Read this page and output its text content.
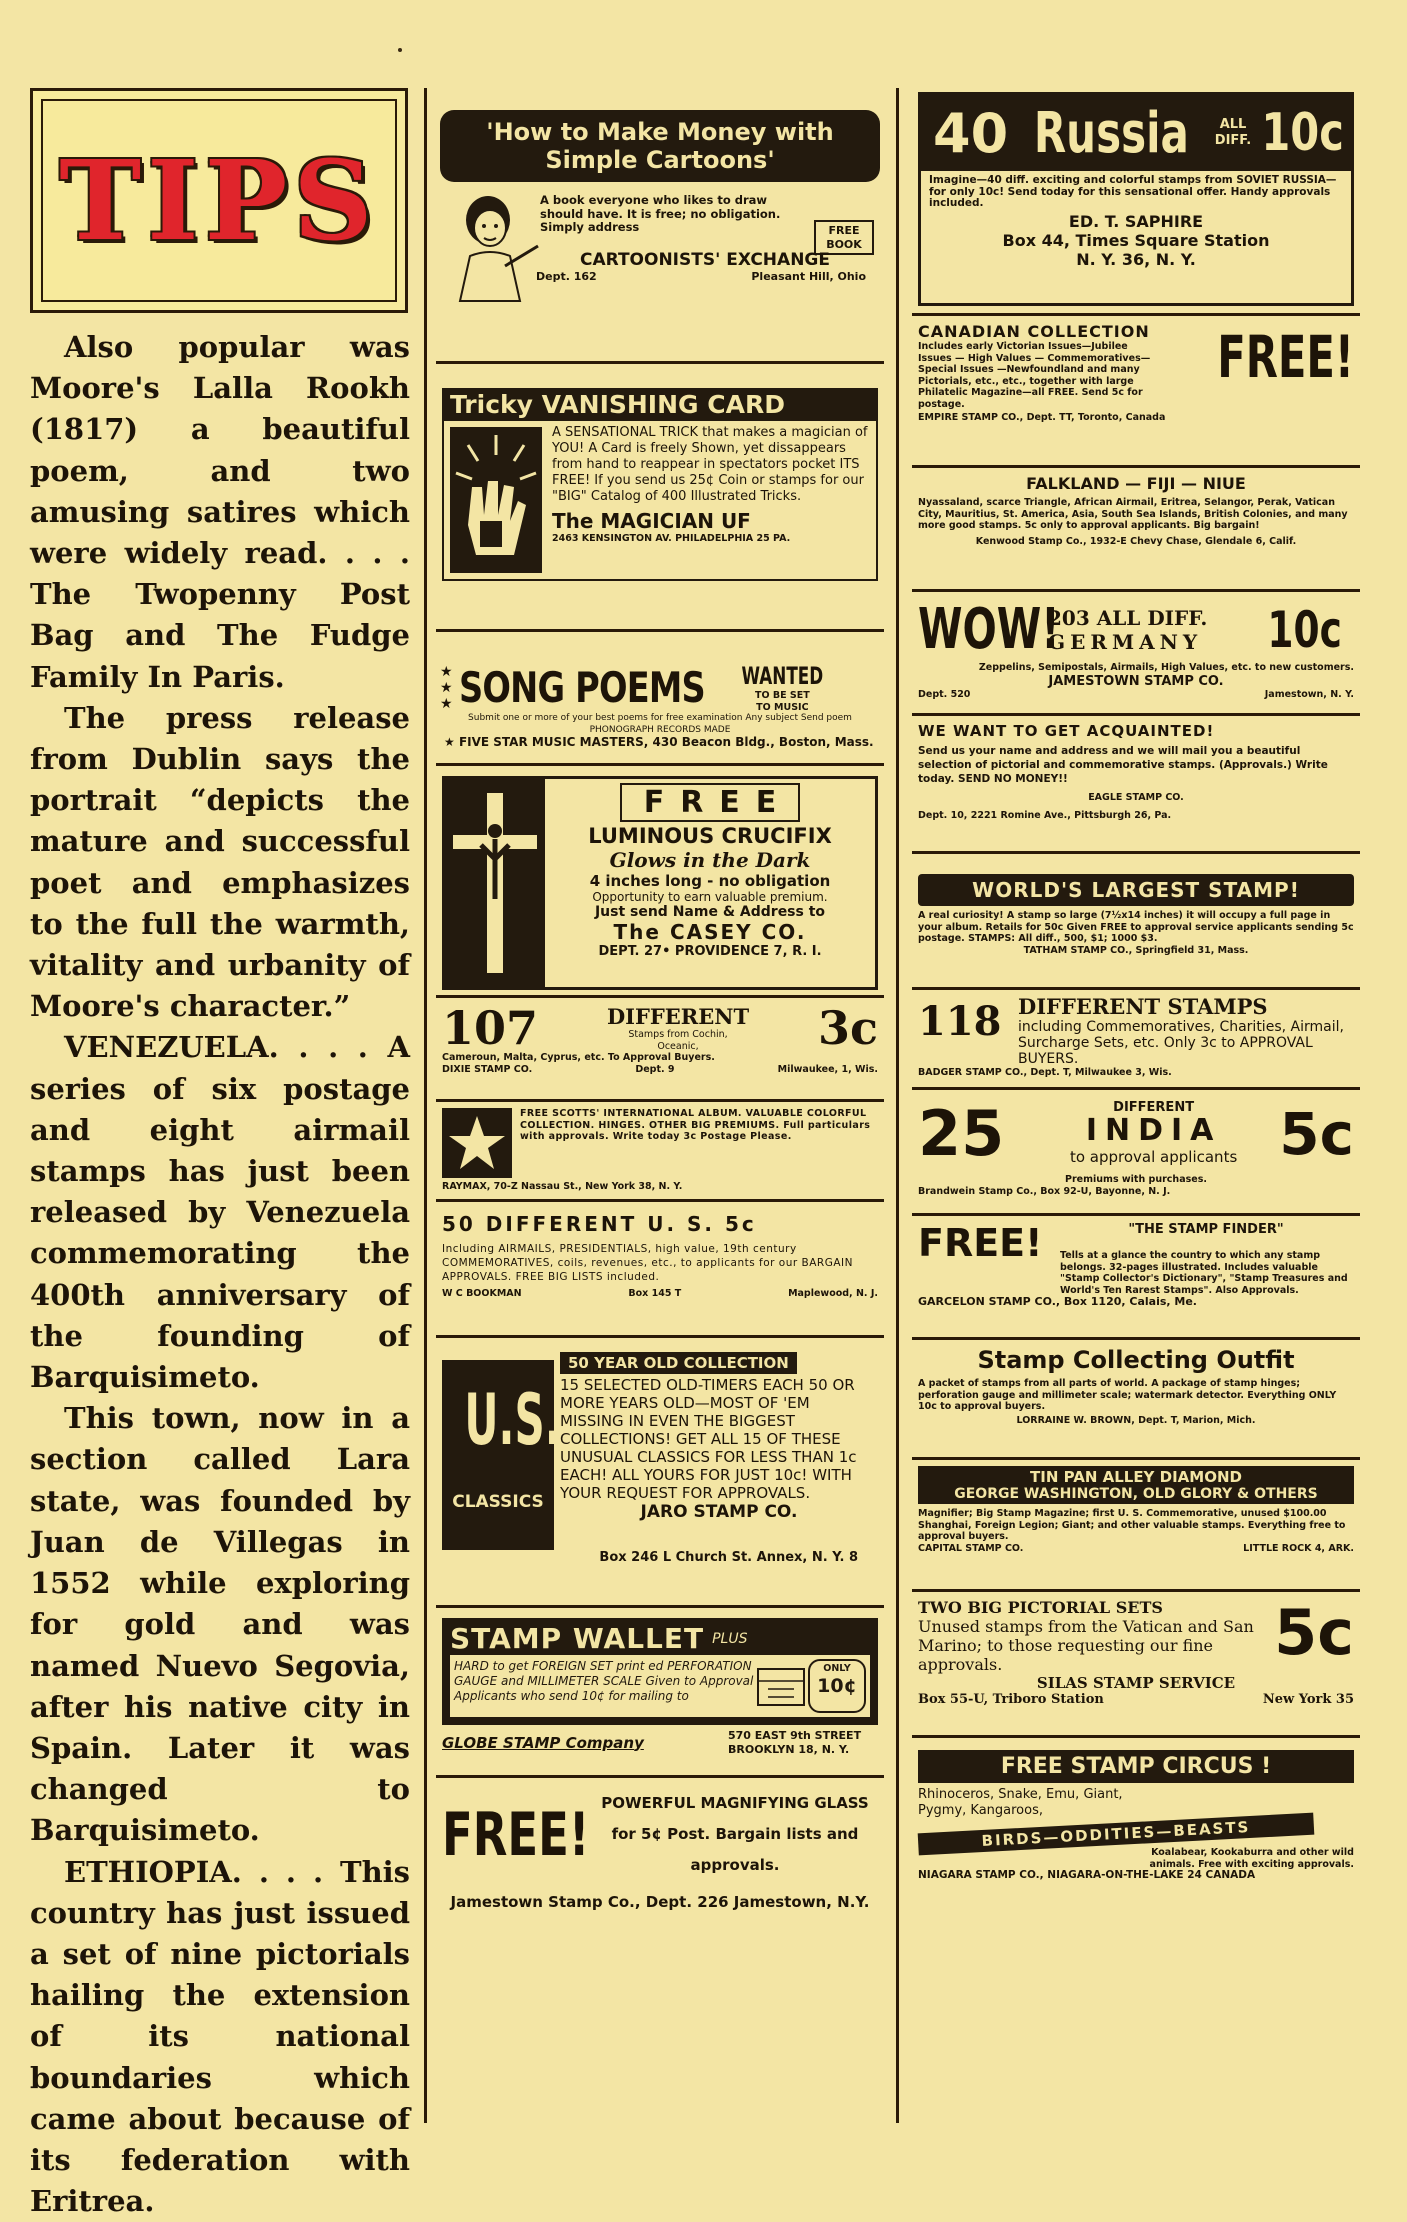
TIPS

Also popular was Moore's Lalla Rookh (1817) a beautiful poem, and two amusing satires which were widely read. . . . The Twopenny Post Bag and The Fudge Family In Paris.

The press release from Dublin says the portrait “depicts the mature and successful poet and emphasizes to the full the warmth, vitality and urbanity of Moore's character.”

VENEZUELA. . . . A series of six postage and eight airmail stamps has just been released by Venezuela commemorating the 400th anniversary of the founding of Barquisimeto.

This town, now in a section called Lara state, was founded by Juan de Villegas in 1552 while exploring for gold and was named Nuevo Segovia, after his native city in Spain. Later it was changed to Barquisimeto.

ETHIOPIA. . . . This country has just issued a set of nine pictorials hailing the extension of its national boundaries which came about because of its federation with Eritrea.

'How to Make Money with Simple Cartoons'
A book everyone who likes to draw should have. It is free; no obligation. Simply address	FREE BOOK
CARTOONISTS' EXCHANGE
Dept. 162	Pleasant Hill, Ohio
Tricky VANISHING CARD
A SENSATIONAL TRICK that makes a magician of YOU! A Card is freely Shown, yet dissappears from hand to reappear in spectators pocket ITS FREE! If you send us 25¢ Coin or stamps for our "BIG" Catalog of 400 Illustrated Tricks.
The MAGICIAN UF
2463 KENSINGTON AV. PHILADELPHIA 25 PA.
★
★
★ SONG POEMS WANTED
TO BE SET TO MUSIC
Submit one or more of your best poems for free examination Any subject Send poem PHONOGRAPH RECORDS MADE
★ FIVE STAR MUSIC MASTERS, 430 Beacon Bldg., Boston, Mass.
FREE
LUMINOUS CRUCIFIX
Glows in the Dark
4 inches long - no obligation
Opportunity to earn valuable premium.
Just send Name & Address to
The CASEY CO.
DEPT. 27• PROVIDENCE 7, R. I.
107	DIFFERENT
Stamps from Cochin, Oceanic,	3c
Cameroun, Malta, Cyprus, etc. To Approval Buyers.
DIXIE STAMP CO.	Dept. 9	Milwaukee, 1, Wis.
FREE SCOTTS' INTERNATIONAL ALBUM. VALUABLE COLORFUL COLLECTION. HINGES. OTHER BIG PREMIUMS. Full particulars with approvals. Write today 3c Postage Please.
RAYMAX, 70-Z Nassau St., New York 38, N. Y.
50 DIFFERENT U. S. 5c
Including AIRMAILS, PRESIDENTIALS, high value, 19th century COMMEMORATIVES, coils, revenues, etc., to applicants for our BARGAIN APPROVALS. FREE BIG LISTS included.
W C BOOKMAN	Box 145 T	Maplewood, N. J.
U.S.
CLASSICS
50 YEAR OLD COLLECTION
15 SELECTED OLD-TIMERS EACH 50 OR MORE YEARS OLD—MOST OF 'EM MISSING IN EVEN THE BIGGEST COLLECTIONS! GET ALL 15 OF THESE UNUSUAL CLASSICS FOR LESS THAN 1c EACH! ALL YOURS FOR JUST 10c! WITH YOUR REQUEST FOR APPROVALS.
JARO STAMP CO.
Box 246 L Church St. Annex, N. Y. 8
STAMP WALLET PLUS
HARD to get FOREIGN SET print ed PERFORATION GAUGE and MILLIMETER SCALE Given to Approval Applicants who send 10¢ for mailing to
ONLY
10¢
GLOBE STAMP Company	570 EAST 9th STREET BROOKLYN 18, N. Y.
FREE! POWERFUL MAGNIFYING GLASS for 5¢ Post. Bargain lists and approvals.
Jamestown Stamp Co., Dept. 226 Jamestown, N.Y.
40 Russia	ALL
DIFF. 10c
Imagine—40 diff. exciting and colorful stamps from SOVIET RUSSIA—for only 10c! Send today for this sensational offer. Handy approvals included.
ED. T. SAPHIRE
Box 44, Times Square Station
N. Y. 36, N. Y.
CANADIAN COLLECTION
Includes early Victorian Issues—Jubilee Issues — High Values — Commemoratives—Special Issues —Newfoundland and many Pictorials, etc., etc., together with large Philatelic Magazine—all FREE. Send 5c for postage.
FREE!
EMPIRE STAMP CO., Dept. TT, Toronto, Canada
FALKLAND — FIJI — NIUE
Nyassaland, scarce Triangle, African Airmail, Eritrea, Selangor, Perak, Vatican City, Mauritius, St. America, Asia, South Sea Islands, British Colonies, and many more good stamps. 5c only to approval applicants. Big bargain!
Kenwood Stamp Co., 1932-E Chevy Chase, Glendale 6, Calif.
WOW!
203 ALL DIFF.
GERMANY	10c
Zeppelins, Semipostals, Airmails, High Values, etc. to new customers.
JAMESTOWN STAMP CO.
Dept. 520	Jamestown, N. Y.
WE WANT TO GET ACQUAINTED!
Send us your name and address and we will mail you a beautiful selection of pictorial and commemorative stamps. (Approvals.) Write today. SEND NO MONEY!!
EAGLE STAMP CO.
Dept. 10, 2221 Romine Ave., Pittsburgh 26, Pa.
WORLD'S LARGEST STAMP!
A real curiosity! A stamp so large (7½x14 inches) it will occupy a full page in your album. Retails for 50c Given FREE to approval service applicants sending 5c postage. STAMPS: All diff., 500, $1; 1000 $3.
TATHAM STAMP CO., Springfield 31, Mass.
118 DIFFERENT STAMPS
including Commemoratives, Charities, Airmail, Surcharge Sets, etc. Only 3c to APPROVAL BUYERS.
BADGER STAMP CO., Dept. T, Milwaukee 3, Wis.
25	DIFFERENT
INDIA
to approval applicants 5c
Premiums with purchases.
Brandwein Stamp Co., Box 92-U, Bayonne, N. J.
FREE!	"THE STAMP FINDER"
Tells at a glance the country to which any stamp belongs. 32-pages illustrated. Includes valuable "Stamp Collector's Dictionary", "Stamp Treasures and World's Ten Rarest Stamps". Also Approvals.
GARCELON STAMP CO., Box 1120, Calais, Me.
Stamp Collecting Outfit
A packet of stamps from all parts of world. A package of stamp hinges; perforation gauge and millimeter scale; watermark detector. Everything ONLY 10c to approval buyers.
LORRAINE W. BROWN, Dept. T, Marion, Mich.
TIN PAN ALLEY DIAMOND
GEORGE WASHINGTON, OLD GLORY & OTHERS
Magnifier; Big Stamp Magazine; first U. S. Commemorative, unused $100.00 Shanghai, Foreign Legion; Giant; and other valuable stamps. Everything free to approval buyers.
CAPITAL STAMP CO.	LITTLE ROCK 4, ARK.
TWO BIG PICTORIAL SETS
Unused stamps from the Vatican and San Marino; to those requesting our fine approvals.	5c
SILAS STAMP SERVICE
Box 55-U, Triboro Station	New York 35
FREE STAMP CIRCUS !
Rhinoceros, Snake, Emu, Giant,
Pygmy, Kangaroos,
BIRDS—ODDITIES—BEASTS
Koalabear, Kookaburra and other wild animals. Free with exciting approvals.
NIAGARA STAMP CO., NIAGARA-ON-THE-LAKE 24 CANADA
